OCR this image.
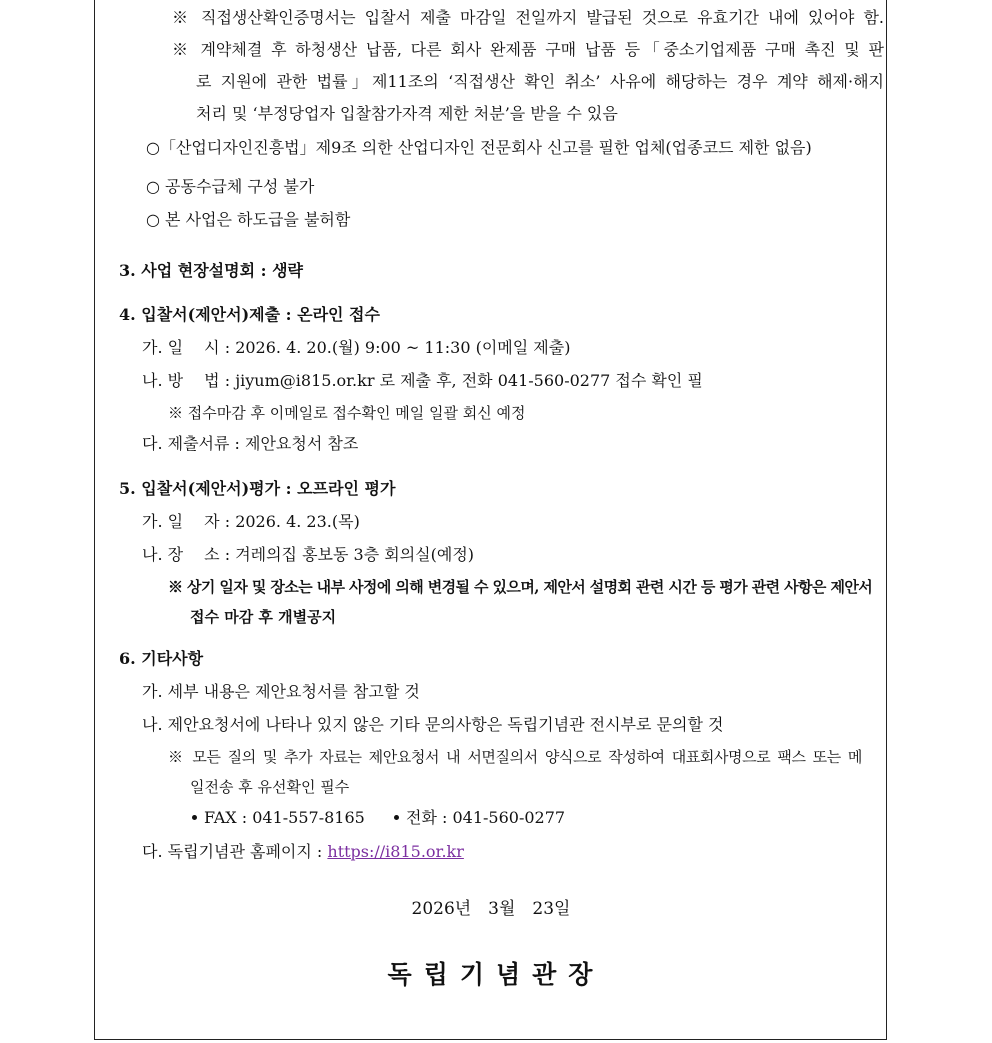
※ 직접생산확인증명서는 입찰서 제출 마감일 전일까지 발급된 것으로 유효기간 내에 있어야 함.
※ 계약체결 후 하청생산 납품, 다른 회사 완제품 구매 납품 등「중소기업제품 구매 촉진 및 판
로 지원에 관한 법률」제11조의 ‘직접생산 확인 취소’ 사유에 해당하는 경우 계약 해제·해지
처리 및 ‘부정당업자 입찰참가자격 제한 처분’을 받을 수 있음
○「산업디자인진흥법」제9조 의한 산업디자인 전문회사 신고를 필한 업체(업종코드 제한 없음)
○ 공동수급체 구성 불가
○ 본 사업은 하도급을 불허함
3. 사업 현장설명회 : 생략
4. 입찰서(제안서)제출 : 온라인 접수
가. 일　 시 : 2026. 4. 20.(월) 9:00 ~ 11:30 (이메일 제출)
나. 방　 법 : jiyum@i815.or.kr 로 제출 후, 전화 041-560-0277 접수 확인 필
※ 접수마감 후 이메일로 접수확인 메일 일괄 회신 예정
다. 제출서류 : 제안요청서 참조
5. 입찰서(제안서)평가 : 오프라인 평가
가. 일　 자 : 2026. 4. 23.(목)
나. 장　 소 : 겨레의집 홍보동 3층 회의실(예정)
※ 상기 일자 및 장소는 내부 사정에 의해 변경될 수 있으며, 제안서 설명회 관련 시간 등 평가 관련 사항은 제안서
접수 마감 후 개별공지
6. 기타사항
가. 세부 내용은 제안요청서를 참고할 것
나. 제안요청서에 나타나 있지 않은 기타 문의사항은 독립기념관 전시부로 문의할 것
※ 모든 질의 및 추가 자료는 제안요청서 내 서면질의서 양식으로 작성하여 대표회사명으로 팩스 또는 메
일전송 후 유선확인 필수
FAX : 041-557-8165	전화 : 041-560-0277
다. 독립기념관 홈페이지 : https://i815.or.kr
2026년　3월　23일
독립기념관장
